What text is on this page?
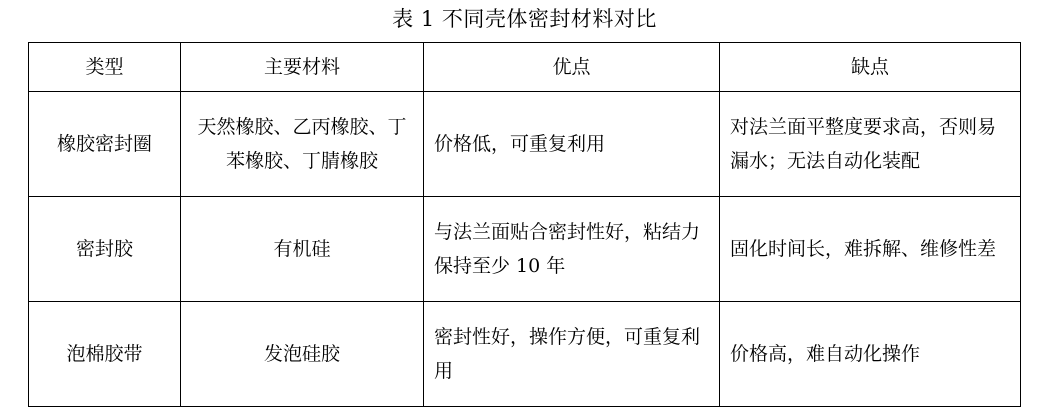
表 1 不同壳体密封材料对比
类型	主要材料	优点	缺点
橡胶密封圈	天然橡胶、乙丙橡胶、丁苯橡胶、丁腈橡胶	价格低，可重复利用	对法兰面平整度要求高，否则易漏水；无法自动化装配
密封胶	有机硅	与法兰面贴合密封性好，粘结力保持至少 10 年	固化时间长，难拆解、维修性差
泡棉胶带	发泡硅胶	密封性好，操作方便，可重复利用	价格高，难自动化操作
